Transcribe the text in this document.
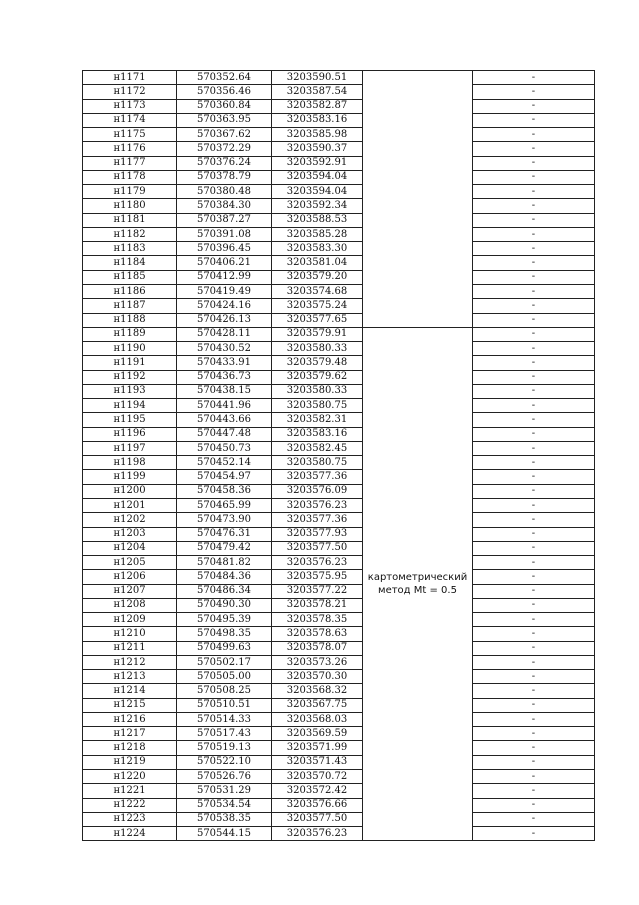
н1171	570352.64	3203590.51		-
н1172	570356.46	3203587.54		-
н1173	570360.84	3203582.87		-
н1174	570363.95	3203583.16		-
н1175	570367.62	3203585.98		-
н1176	570372.29	3203590.37		-
н1177	570376.24	3203592.91		-
н1178	570378.79	3203594.04		-
н1179	570380.48	3203594.04		-
н1180	570384.30	3203592.34		-
н1181	570387.27	3203588.53		-
н1182	570391.08	3203585.28		-
н1183	570396.45	3203583.30		-
н1184	570406.21	3203581.04		-
н1185	570412.99	3203579.20		-
н1186	570419.49	3203574.68		-
н1187	570424.16	3203575.24		-
н1188	570426.13	3203577.65		-
н1189	570428.11	3203579.91	картометрический метод Mt = 0.5	-
н1190	570430.52	3203580.33		-
н1191	570433.91	3203579.48		-
н1192	570436.73	3203579.62		-
н1193	570438.15	3203580.33		-
н1194	570441.96	3203580.75		-
н1195	570443.66	3203582.31		-
н1196	570447.48	3203583.16		-
н1197	570450.73	3203582.45		-
н1198	570452.14	3203580.75		-
н1199	570454.97	3203577.36		-
н1200	570458.36	3203576.09		-
н1201	570465.99	3203576.23		-
н1202	570473.90	3203577.36		-
н1203	570476.31	3203577.93		-
н1204	570479.42	3203577.50		-
н1205	570481.82	3203576.23		-
н1206	570484.36	3203575.95		-
н1207	570486.34	3203577.22		-
н1208	570490.30	3203578.21		-
н1209	570495.39	3203578.35		-
н1210	570498.35	3203578.63		-
н1211	570499.63	3203578.07		-
н1212	570502.17	3203573.26		-
н1213	570505.00	3203570.30		-
н1214	570508.25	3203568.32		-
н1215	570510.51	3203567.75		-
н1216	570514.33	3203568.03		-
н1217	570517.43	3203569.59		-
н1218	570519.13	3203571.99		-
н1219	570522.10	3203571.43		-
н1220	570526.76	3203570.72		-
н1221	570531.29	3203572.42		-
н1222	570534.54	3203576.66		-
н1223	570538.35	3203577.50		-
н1224	570544.15	3203576.23		-
